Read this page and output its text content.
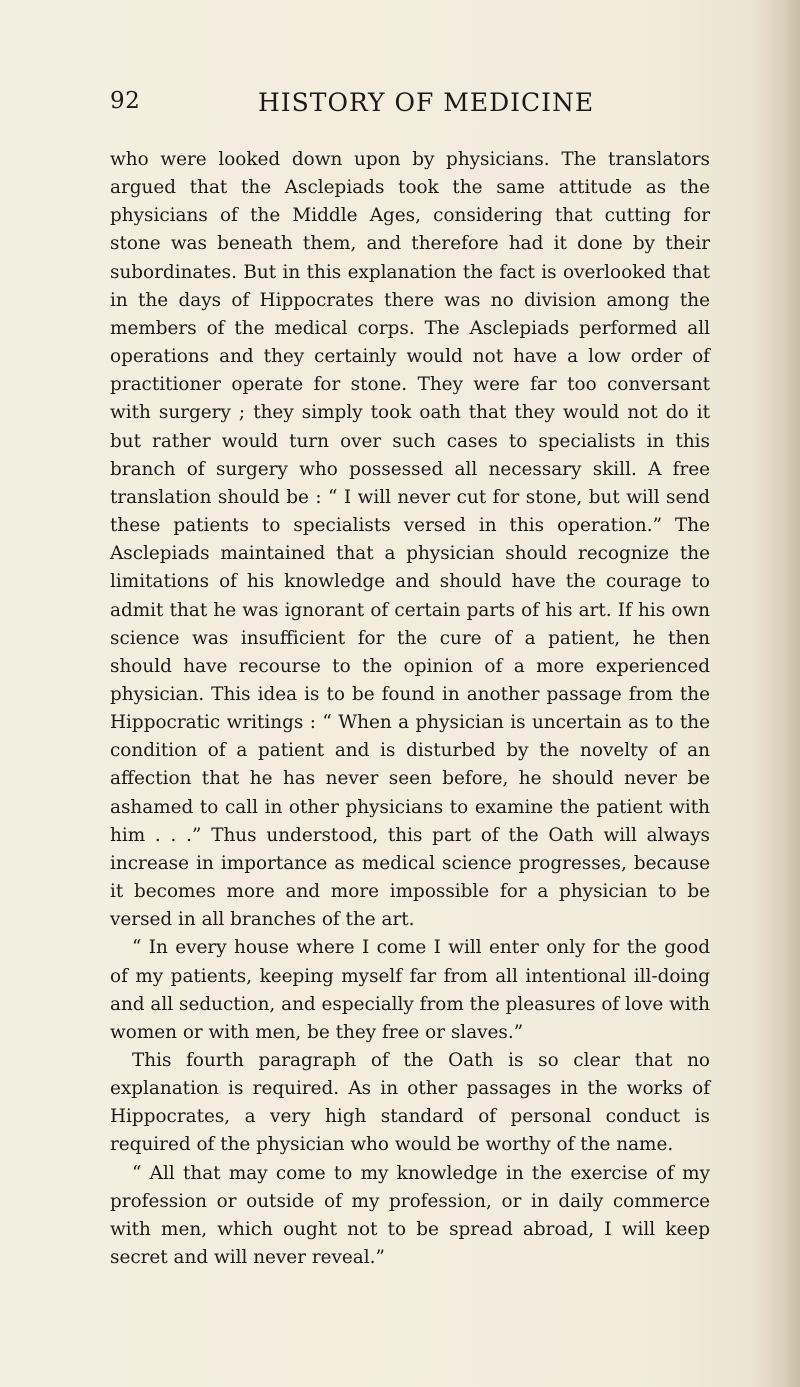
92	HISTORY OF MEDICINE

who were looked down upon by physicians. The translators argued that the Asclepiads took the same attitude as the physicians of the Middle Ages, considering that cutting for stone was beneath them, and therefore had it done by their subordinates. But in this explanation the fact is overlooked that in the days of Hippocrates there was no division among the members of the medical corps. The Asclepiads performed all operations and they certainly would not have a low order of practitioner operate for stone. They were far too conversant with surgery ; they simply took oath that they would not do it but rather would turn over such cases to specialists in this branch of surgery who possessed all necessary skill. A free translation should be : “ I will never cut for stone, but will send these patients to specialists versed in this operation.” The Asclepiads maintained that a physician should recognize the limitations of his knowledge and should have the courage to admit that he was ignorant of certain parts of his art. If his own science was insufficient for the cure of a patient, he then should have recourse to the opinion of a more experienced physician. This idea is to be found in another passage from the Hippocratic writings : “ When a physician is uncertain as to the condition of a patient and is disturbed by the novelty of an affection that he has never seen before, he should never be ashamed to call in other physicians to examine the patient with him . . .” Thus understood, this part of the Oath will always increase in importance as medical science progresses, because it becomes more and more impossible for a physician to be versed in all branches of the art.

“ In every house where I come I will enter only for the good of my patients, keeping myself far from all intentional ill-doing and all seduction, and especially from the pleasures of love with women or with men, be they free or slaves.”

This fourth paragraph of the Oath is so clear that no explanation is required. As in other passages in the works of Hippocrates, a very high standard of personal conduct is required of the physician who would be worthy of the name.

“ All that may come to my knowledge in the exercise of my profession or outside of my profession, or in daily commerce with men, which ought not to be spread abroad, I will keep secret and will never reveal.”
